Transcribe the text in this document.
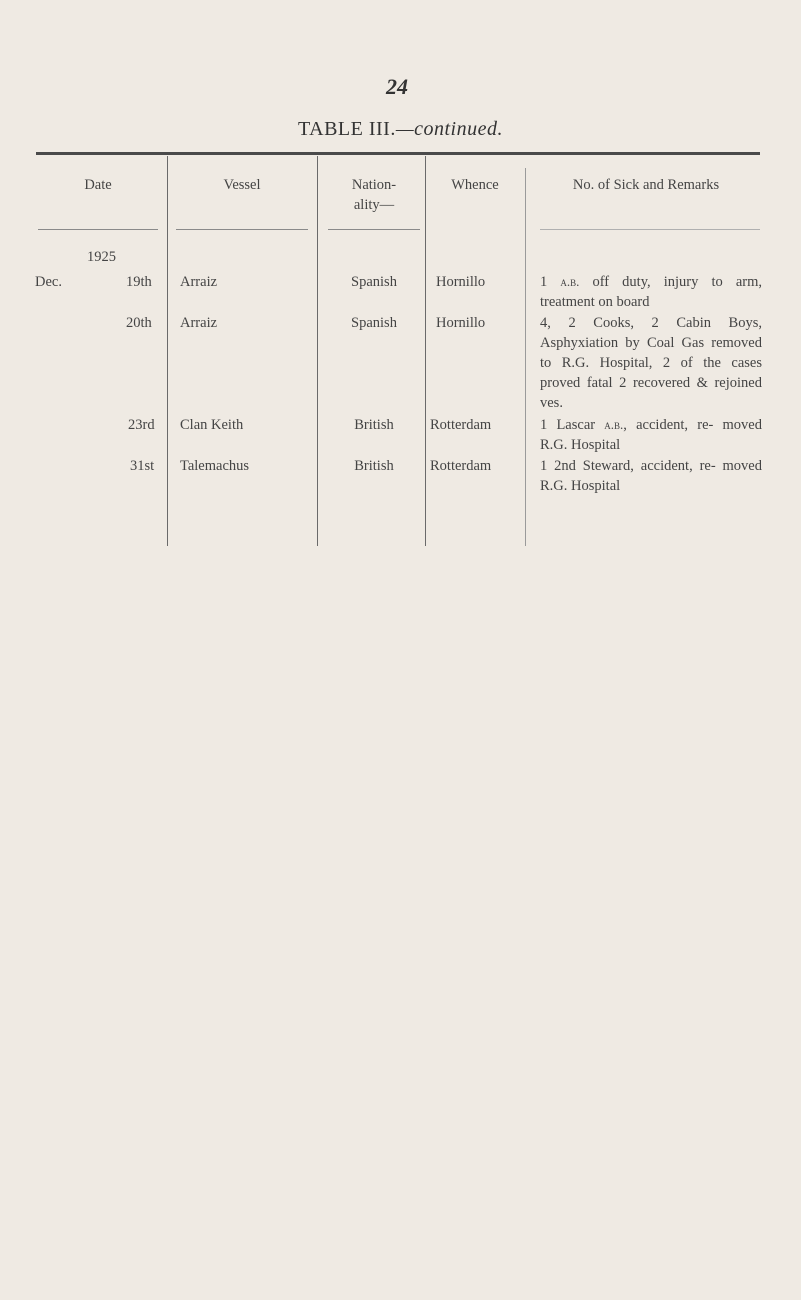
24
TABLE III.—continued.
Date	Vessel	Nation-
ality—
Whence	No. of Sick and Remarks
1925
Dec.	19th Arraiz	Spanish	Hornillo	1 a.b. off duty, injury to arm, treatment on board
20th Arraiz	Spanish	Hornillo	4, 2 Cooks, 2 Cabin Boys, Asphyxiation by Coal Gas removed to R.G. Hospital, 2 of the cases proved fatal 2 recovered & rejoined ves.
23rd Clan Keith	British	Rotterdam	1 Lascar a.b., accident, re- moved R.G. Hospital
31st Talemachus	British	Rotterdam	1 2nd Steward, accident, re- moved R.G. Hospital
